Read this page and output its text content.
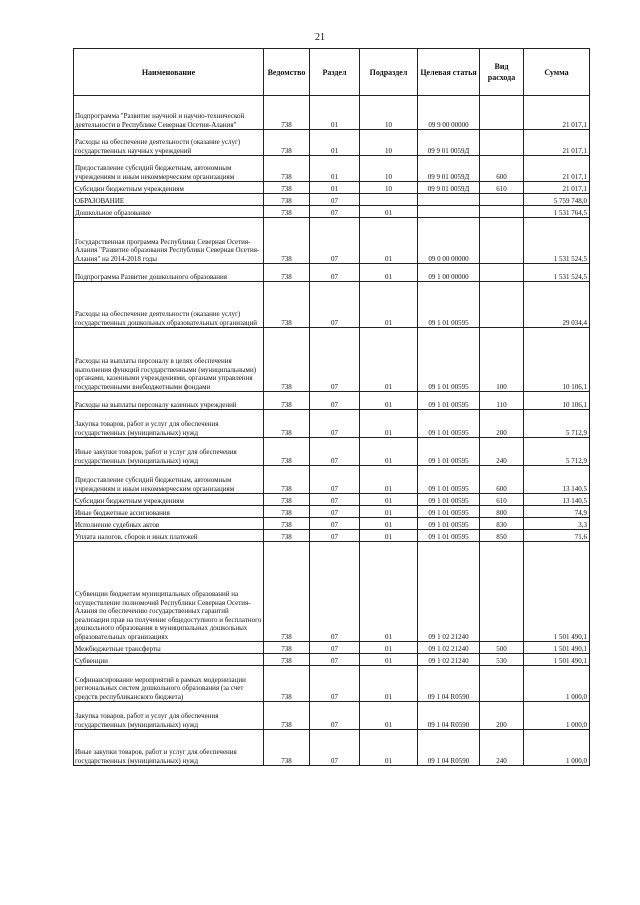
21
Наименование	Ведомство	Раздел	Подраздел	Целевая статья	Вид расхода	Сумма
Подпрограмма "Развитие научной и научно-технической деятельности в Республике Северная Осетия-Алания"	738	01	10	09 9 00 00000		21 017,1
Расходы на обеспечение деятельности (оказание услуг) государственных научных учреждений	738	01	10	09 9 01 0059Д		21 017,1
Предоставление субсидий бюджетным, автономным учреждениям и иным некоммерческим организациям	738	01	10	09 9 01 0059Д	600	21 017,1
Субсидии бюджетным учреждениям	738	01	10	09 9 01 0059Д	610	21 017,1
ОБРАЗОВАНИЕ	738	07				5 759 748,0
Дошкольное образование	738	07	01			1 531 764,5
Государственная программа Республики Северная Осетия-Алания "Развитие образования Республики Северная Осетия-Алания" на 2014-2018 годы	738	07	01	09 0 00 00000		1 531 524,5
Подпрограмма Развитие дошкольного образования	738	07	01	09 1 00 00000		1 531 524,5
Расходы на обеспечение деятельности (оказание услуг) государственных дошкольных образовательных организаций	738	07	01	09 1 01 00595		29 034,4
Расходы на выплаты персоналу в целях обеспечения выполнения функций государственными (муниципальными) органами, казенными учреждениями, органами управления государственными внебюджетными фондами	738	07	01	09 1 01 00595	100	10 106,1
Расходы на выплаты персоналу казенных учреждений	738	07	01	09 1 01 00595	110	10 106,1
Закупка товаров, работ и услуг для обеспечения государственных (муниципальных) нужд	738	07	01	09 1 01 00595	200	5 712,9
Иные закупки товаров, работ и услуг для обеспечения государственных (муниципальных) нужд	738	07	01	09 1 01 00595	240	5 712,9
Предоставление субсидий бюджетным, автономным учреждениям и иным некоммерческим организациям	738	07	01	09 1 01 00595	600	13 140,5
Субсидии бюджетным учреждениям	738	07	01	09 1 01 00595	610	13 140,5
Иные бюджетные ассигнования	738	07	01	09 1 01 00595	800	74,9
Исполнение судебных актов	738	07	01	09 1 01 00595	830	3,3
Уплата налогов, сборов и иных платежей	738	07	01	09 1 01 00595	850	71,6
Субвенции бюджетам муниципальных образований на осуществление полномочий Республики Северная Осетия-Алания по обеспечению государственных гарантий реализации прав на получение общедоступного и бесплатного дошкольного образования в муниципальных дошкольных образовательных организациях	738	07	01	09 1 02 21240		1 501 490,1
Межбюджетные трансферты	738	07	01	09 1 02 21240	500	1 501 490,1
Субвенции	738	07	01	09 1 02 21240	530	1 501 490,1
Софинансирование мероприятий в рамках модернизации региональных систем дошкольного образования (за счет средств республиканского бюджета)	738	07	01	09 1 04 R0590		1 000,0
Закупка товаров, работ и услуг для обеспечения государственных (муниципальных) нужд	738	07	01	09 1 04 R0590	200	1 000,0
Иные закупки товаров, работ и услуг для обеспечения государственных (муниципальных) нужд	738	07	01	09 1 04 R0590	240	1 000,0
